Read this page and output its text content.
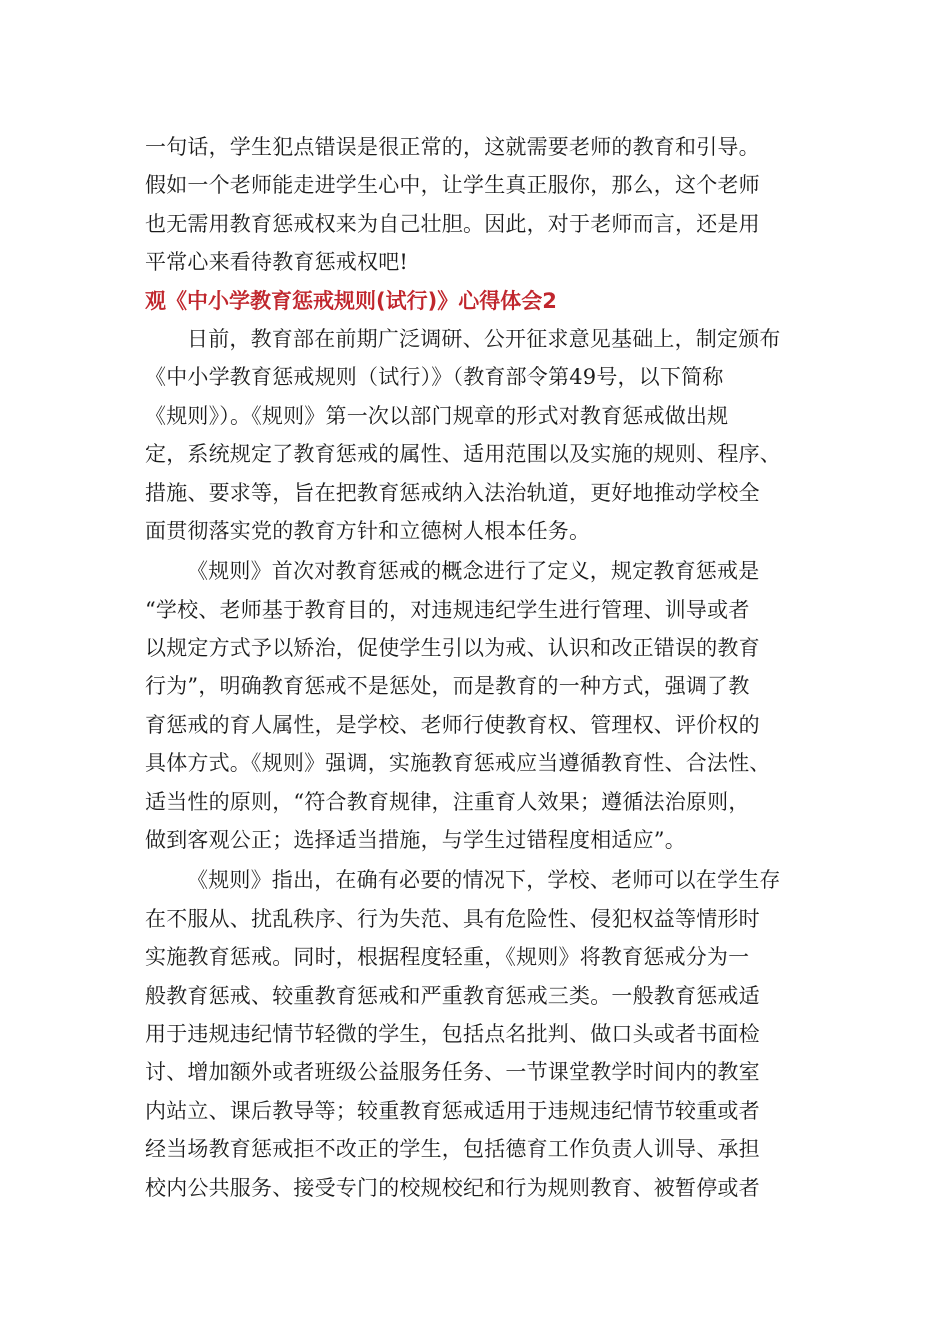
一句话，学生犯点错误是很正常的，这就需要老师的教育和引导。
假如一个老师能走进学生心中，让学生真正服你，那么，这个老师
也无需用教育惩戒权来为自己壮胆。因此，对于老师而言，还是用
平常心来看待教育惩戒权吧!
观《中小学教育惩戒规则(试行)》心得体会2
日前，教育部在前期广泛调研、公开征求意见基础上，制定颁布
《中小学教育惩戒规则（试行）》（教育部令第49号，以下简称
《规则》）。《规则》第一次以部门规章的形式对教育惩戒做出规
定，系统规定了教育惩戒的属性、适用范围以及实施的规则、程序、
措施、要求等，旨在把教育惩戒纳入法治轨道，更好地推动学校全
面贯彻落实党的教育方针和立德树人根本任务。
《规则》首次对教育惩戒的概念进行了定义，规定教育惩戒是
“学校、老师基于教育目的，对违规违纪学生进行管理、训导或者
以规定方式予以矫治，促使学生引以为戒、认识和改正错误的教育
行为”，明确教育惩戒不是惩处，而是教育的一种方式，强调了教
育惩戒的育人属性，是学校、老师行使教育权、管理权、评价权的
具体方式。《规则》强调，实施教育惩戒应当遵循教育性、合法性、
适当性的原则，“符合教育规律，注重育人效果；遵循法治原则，
做到客观公正；选择适当措施，与学生过错程度相适应”。
《规则》指出，在确有必要的情况下，学校、老师可以在学生存
在不服从、扰乱秩序、行为失范、具有危险性、侵犯权益等情形时
实施教育惩戒。同时，根据程度轻重，《规则》将教育惩戒分为一
般教育惩戒、较重教育惩戒和严重教育惩戒三类。一般教育惩戒适
用于违规违纪情节轻微的学生，包括点名批判、做口头或者书面检
讨、增加额外或者班级公益服务任务、一节课堂教学时间内的教室
内站立、课后教导等；较重教育惩戒适用于违规违纪情节较重或者
经当场教育惩戒拒不改正的学生，包括德育工作负责人训导、承担
校内公共服务、接受专门的校规校纪和行为规则教育、被暂停或者
